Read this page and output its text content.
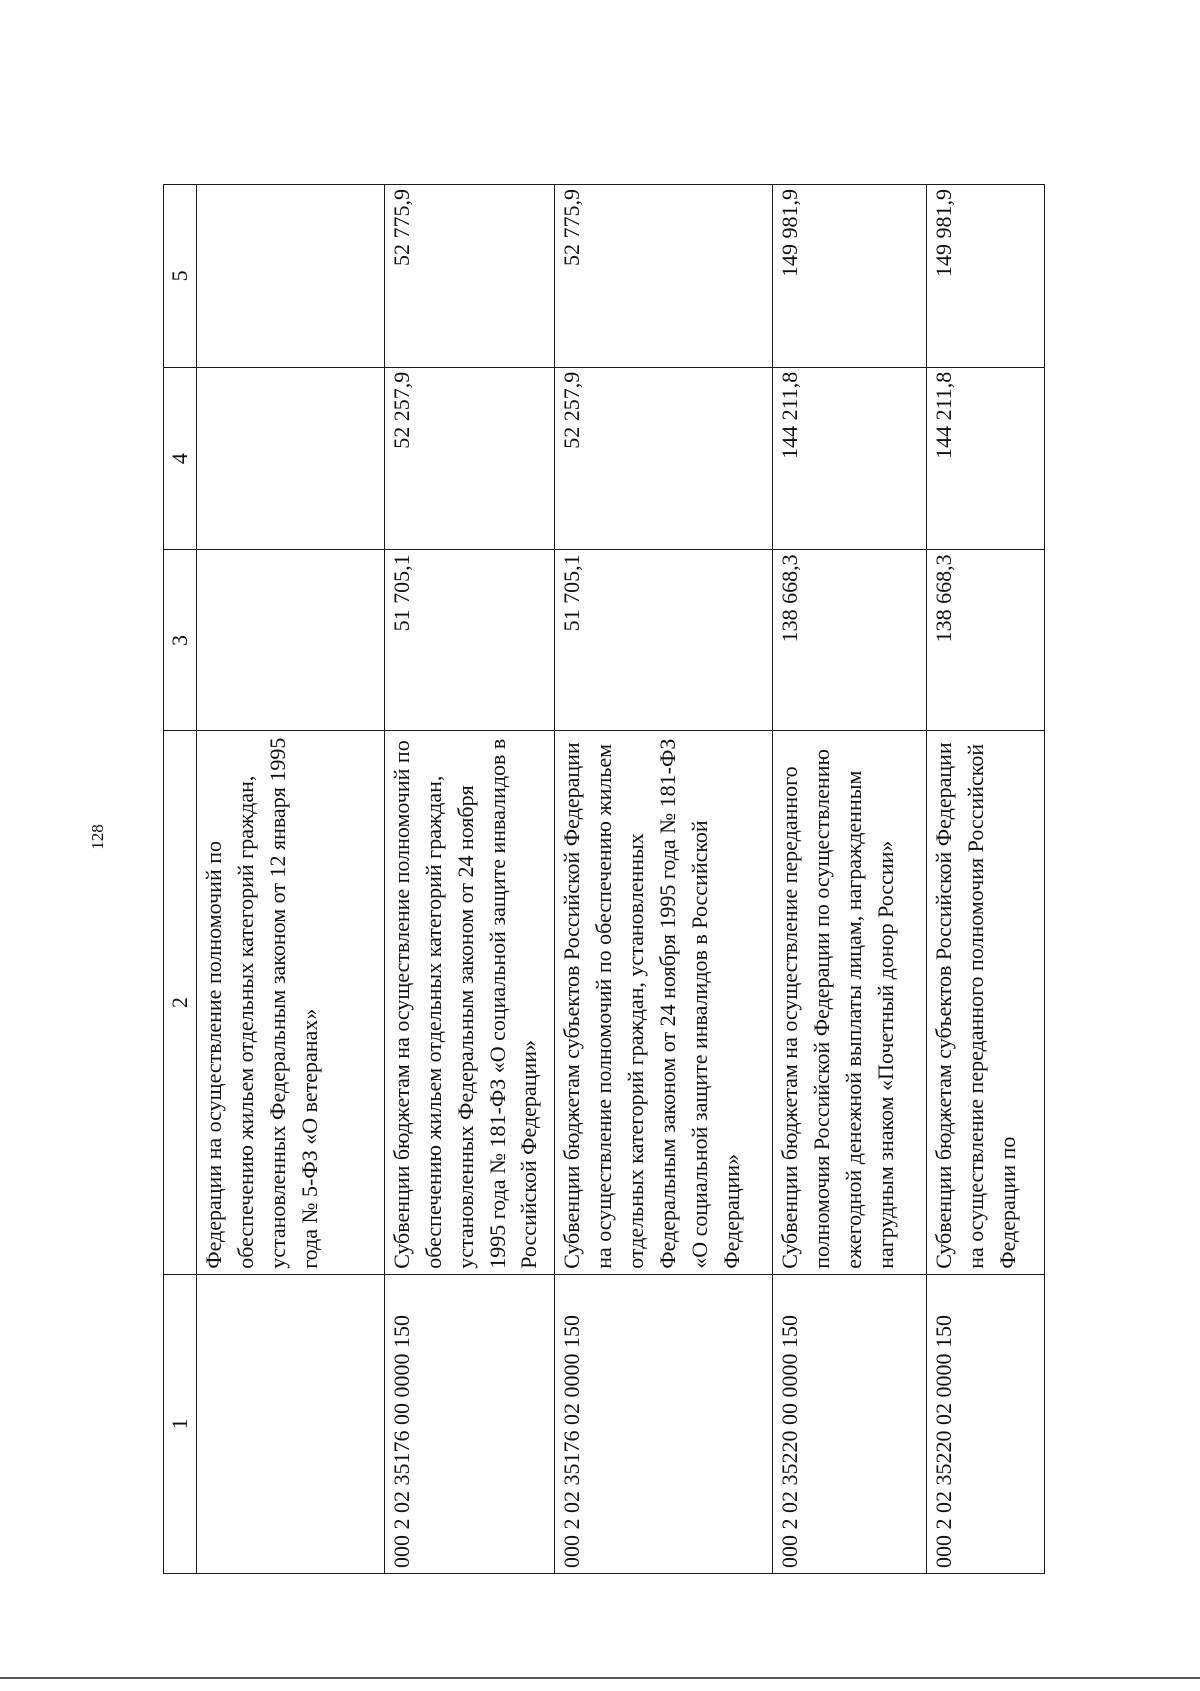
128
1	2	3	4	5
	Федерации на осуществление полномочий по обеспечению жильем отдельных категорий граждан, установленных Федеральным законом от 12 января 1995 года № 5-ФЗ «О ветеранах»			
000 2 02 35176 00 0000 150	Субвенции бюджетам на осуществление полномочий по обеспечению жильем отдельных категорий граждан, установленных Федеральным законом от 24 ноября 1995 года № 181-ФЗ «О социальной защите инвалидов в Российской Федерации»	51 705,1	52 257,9	52 775,9
000 2 02 35176 02 0000 150	Субвенции бюджетам субъектов Российской Федерации на осуществление полномочий по обеспечению жильем отдельных категорий граждан, установленных Федеральным законом от 24 ноября 1995 года № 181-ФЗ «О социальной защите инвалидов в Российской Федерации»	51 705,1	52 257,9	52 775,9
000 2 02 35220 00 0000 150	Субвенции бюджетам на осуществление переданного полномочия Российской Федерации по осуществлению ежегодной денежной выплаты лицам, награжденным нагрудным знаком «Почетный донор России»	138 668,3	144 211,8	149 981,9
000 2 02 35220 02 0000 150	Субвенции бюджетам субъектов Российской Федерации на осуществление переданного полномочия Российской Федерации по	138 668,3	144 211,8	149 981,9
